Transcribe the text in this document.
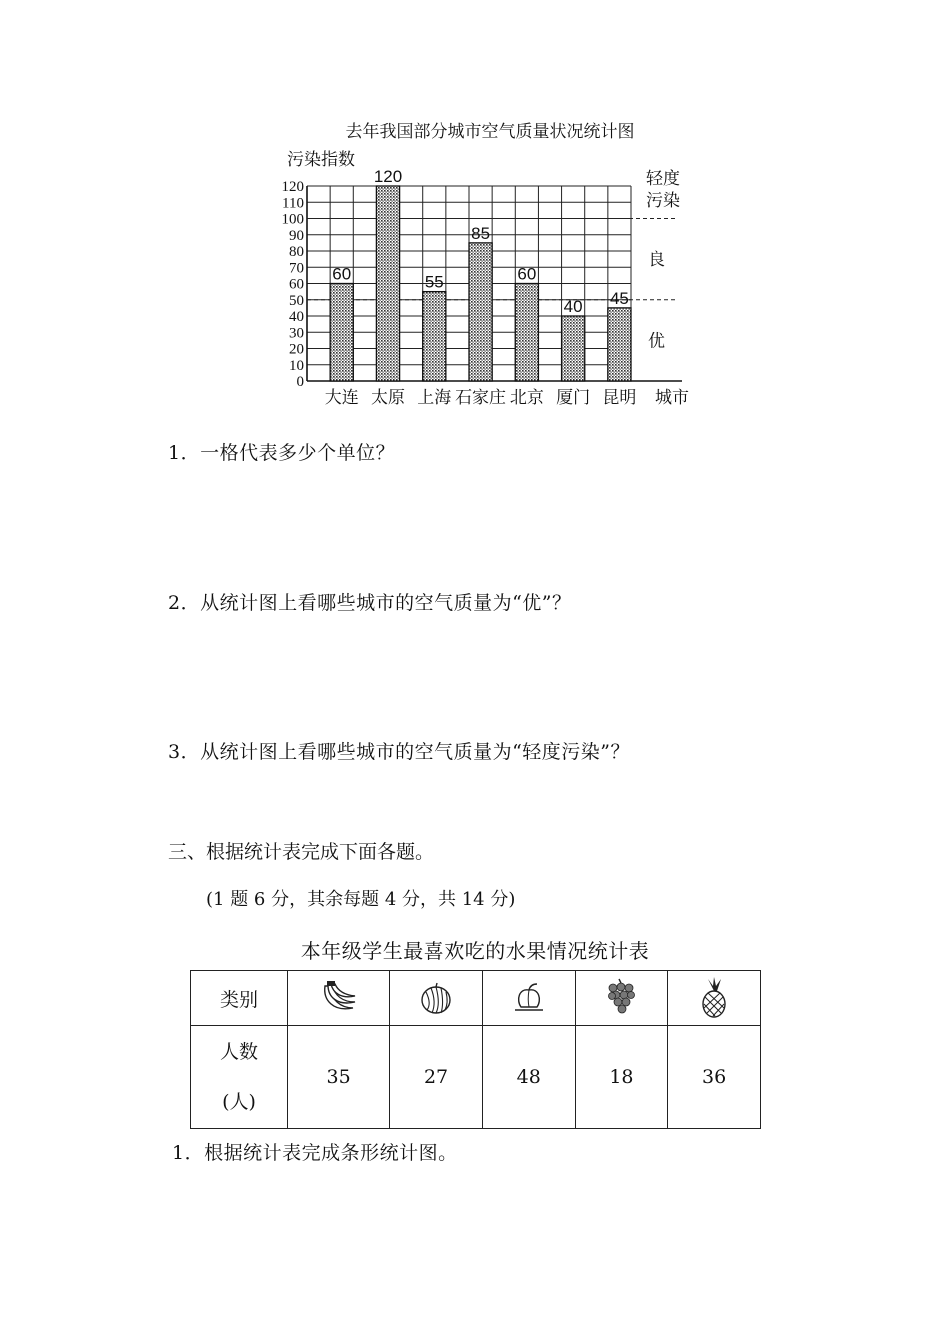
去年我国部分城市空气质量状况统计图
污染指数
0
10
20
30
40
50
60
70
80
90
100
110
120
60
120
55
85
60
40 45
大连 太原 上海 石家庄 北京 厦门 昆明 城市
轻度
污染
良
优
1．一格代表多少个单位？
2．从统计图上看哪些城市的空气质量为“优”？
3．从统计图上看哪些城市的空气质量为“轻度污染”？
三、根据统计表完成下面各题。
(1 题 6 分，其余每题 4 分，共 14 分)
本年级学生最喜欢吃的水果情况统计表
类别	

人数
(人)	35	27	48	18	36
1．根据统计表完成条形统计图。
